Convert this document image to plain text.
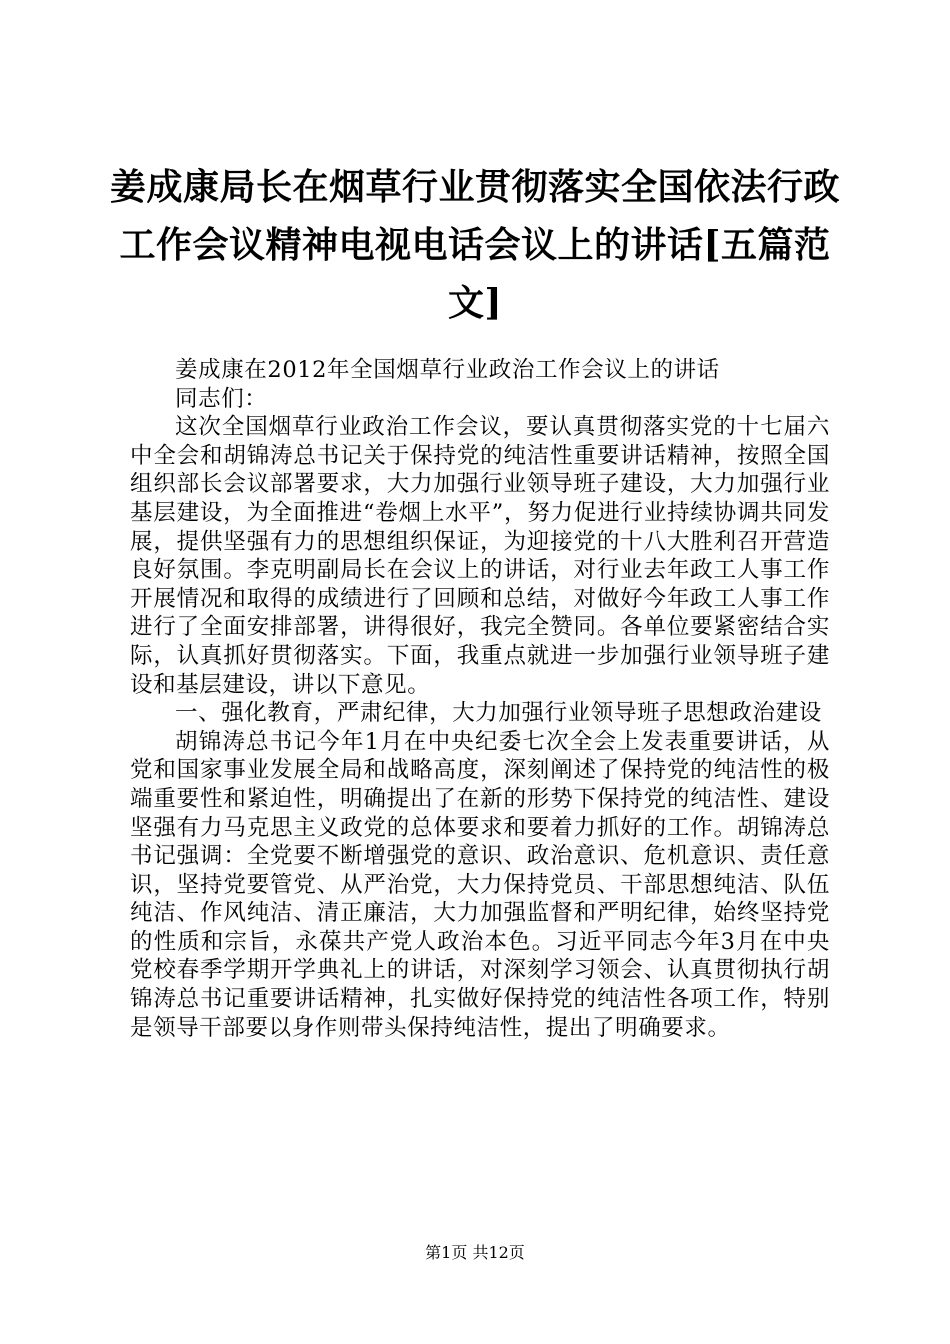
姜成康局长在烟草行业贯彻落实全国依法行政工作会议精神电视电话会议上的讲话[五篇范文]

姜成康在2012年全国烟草行业政治工作会议上的讲话

同志们：

这次全国烟草行业政治工作会议，要认真贯彻落实党的十七届六中全会和胡锦涛总书记关于保持党的纯洁性重要讲话精神，按照全国组织部长会议部署要求，大力加强行业领导班子建设，大力加强行业基层建设，为全面推进“卷烟上水平”，努力促进行业持续协调共同发展，提供坚强有力的思想组织保证，为迎接党的十八大胜利召开营造良好氛围。李克明副局长在会议上的讲话，对行业去年政工人事工作开展情况和取得的成绩进行了回顾和总结，对做好今年政工人事工作进行了全面安排部署，讲得很好，我完全赞同。各单位要紧密结合实际，认真抓好贯彻落实。下面，我重点就进一步加强行业领导班子建设和基层建设，讲以下意见。

一、强化教育，严肃纪律，大力加强行业领导班子思想政治建设

胡锦涛总书记今年1月在中央纪委七次全会上发表重要讲话，从党和国家事业发展全局和战略高度，深刻阐述了保持党的纯洁性的极端重要性和紧迫性，明确提出了在新的形势下保持党的纯洁性、建设坚强有力马克思主义政党的总体要求和要着力抓好的工作。胡锦涛总书记强调：全党要不断增强党的意识、政治意识、危机意识、责任意识，坚持党要管党、从严治党，大力保持党员、干部思想纯洁、队伍纯洁、作风纯洁、清正廉洁，大力加强监督和严明纪律，始终坚持党的性质和宗旨，永葆共产党人政治本色。习近平同志今年3月在中央党校春季学期开学典礼上的讲话，对深刻学习领会、认真贯彻执行胡锦涛总书记重要讲话精神，扎实做好保持党的纯洁性各项工作，特别是领导干部要以身作则带头保持纯洁性，提出了明确要求。

第1页 共12页
